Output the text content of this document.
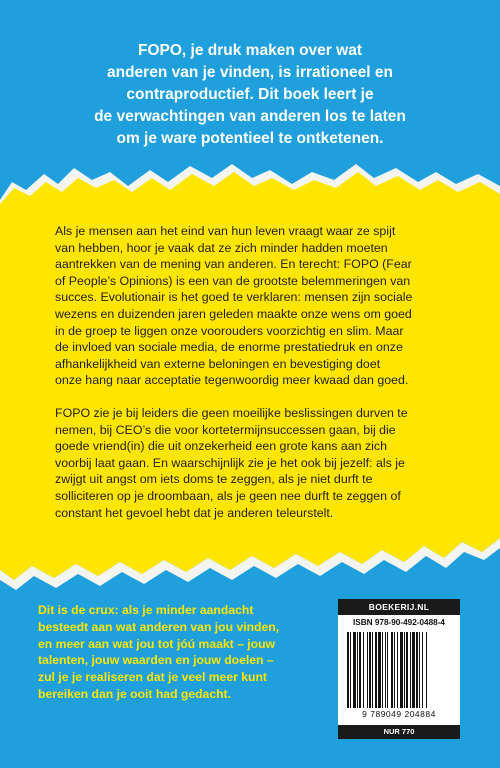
FOPO, je druk maken over wat
anderen van je vinden, is irrationeel en
contraproductief. Dit boek leert je
de verwachtingen van anderen los te laten
om je ware potentieel te ontketenen.
Als je mensen aan het eind van hun leven vraagt waar ze spijt
van hebben, hoor je vaak dat ze zich minder hadden moeten
aantrekken van de mening van anderen. En terecht: FOPO (Fear
of People’s Opinions) is een van de grootste belemmeringen van
succes. Evolutionair is het goed te verklaren: mensen zijn sociale
wezens en duizenden jaren geleden maakte onze wens om goed
in de groep te liggen onze voorouders voorzichtig en slim. Maar
de invloed van sociale media, de enorme prestatiedruk en onze
afhankelijkheid van externe beloningen en bevestiging doet
onze hang naar acceptatie tegenwoordig meer kwaad dan goed.
FOPO zie je bij leiders die geen moeilijke beslissingen durven te
nemen, bij CEO’s die voor kortetermijnsuccessen gaan, bij die
goede vriend(in) die uit onzekerheid een grote kans aan zich
voorbij laat gaan. En waarschijnlijk zie je het ook bij jezelf: als je
zwijgt uit angst om iets doms te zeggen, als je niet durft te
solliciteren op je droombaan, als je geen nee durft te zeggen of
constant het gevoel hebt dat je anderen teleurstelt.
Dit is de crux: als je minder aandacht
besteedt aan wat anderen van jou vinden,
en meer aan wat jou tot jóú maakt – jouw
talenten, jouw waarden en jouw doelen –
zul je je realiseren dat je veel meer kunt
bereiken dan je ooit had gedacht.
BOEKERIJ.NL
ISBN 978-90-492-0488-4
9 789049 204884
NUR 770
